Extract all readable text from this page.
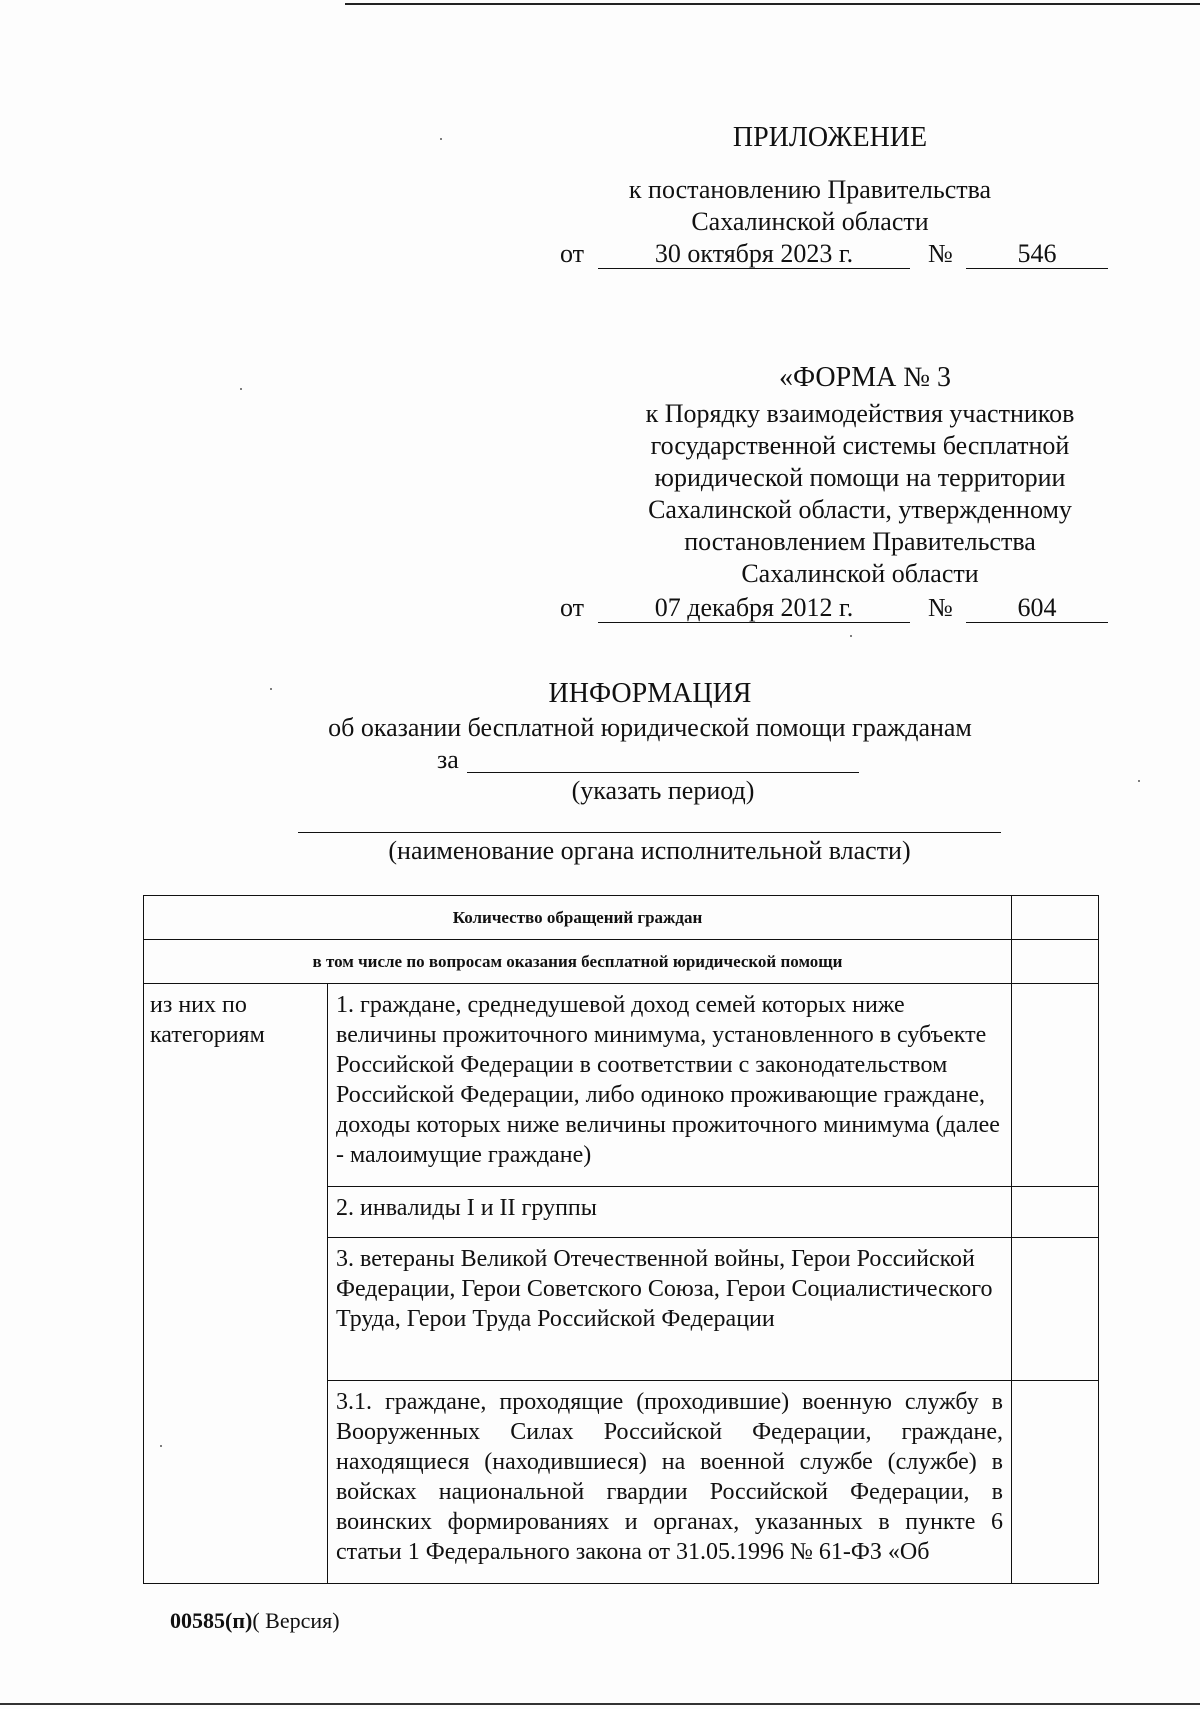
ПРИЛОЖЕНИЕ
к постановлению Правительства
Сахалинской области
от	30 октября 2023 г.	№	546
«ФОРМА № 3
к Порядку взаимодействия участников
государственной системы бесплатной
юридической помощи на территории
Сахалинской области, утвержденному
постановлением Правительства
Сахалинской области
от	07 декабря 2012 г.	№	604
ИНФОРМАЦИЯ
об оказании бесплатной юридической помощи гражданам
за
(указать период)
(наименование органа исполнительной власти)
Количество обращений граждан		
в том числе по вопросам оказания бесплатной юридической помощи		
из них по категориям	1. граждане, среднедушевой доход семей которых ниже величины прожиточного минимума, установленного в субъекте Российской Федерации в соответствии с законодательством Российской Федерации, либо одиноко проживающие граждане, доходы которых ниже величины прожиточного минимума (далее - малоимущие граждане)	
	2. инвалиды I и II группы	
	3. ветераны Великой Отечественной войны, Герои Российской Федерации, Герои Советского Союза, Герои Социалистического Труда, Герои Труда Российской Федерации	
	3.1. граждане, проходящие (проходившие) военную службу в Вооруженных Силах Российской Федерации, граждане, находящиеся (находившиеся) на военной службе (службе) в войсках национальной гвардии Российской Федерации, в воинских формированиях и органах, указанных в пункте 6 статьи 1 Федерального закона от 31.05.1996 № 61-ФЗ «Об	
00585(п)( Версия)
